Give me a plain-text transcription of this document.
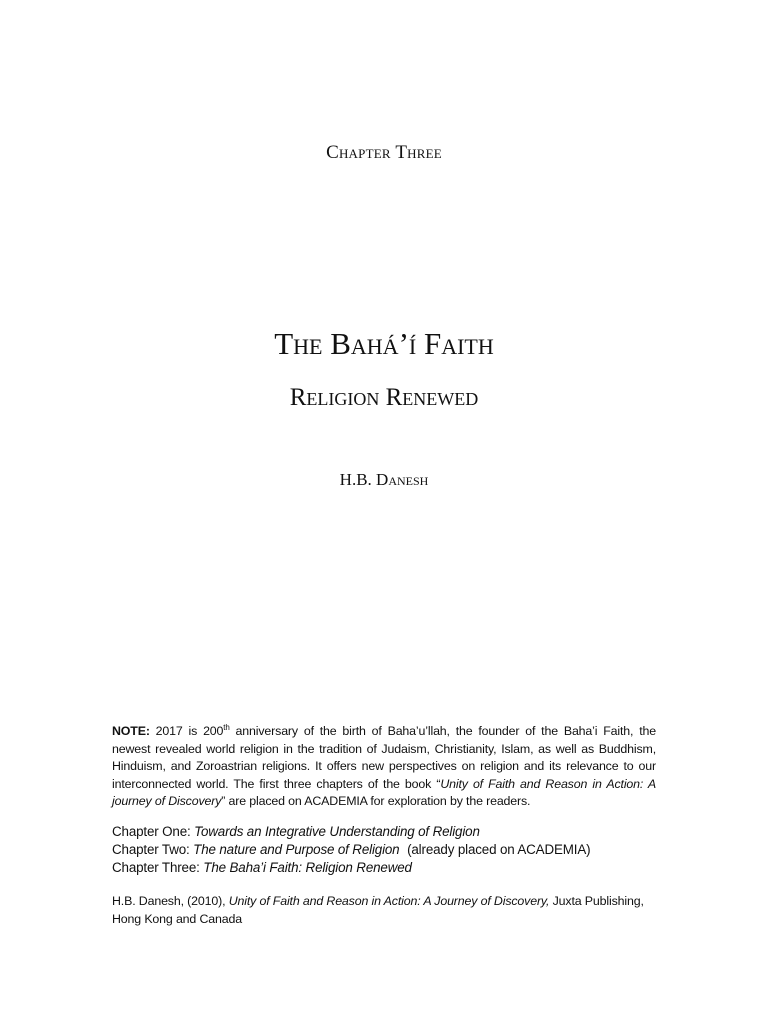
Chapter Three
The Bahá’í Faith
Religion Renewed
H.B. Danesh
NOTE: 2017 is 200th anniversary of the birth of Baha’u’llah, the founder of the Baha’i Faith, the newest revealed world religion in the tradition of Judaism, Christianity, Islam, as well as Buddhism, Hinduism, and Zoroastrian religions. It offers new perspectives on religion and its relevance to our interconnected world. The first three chapters of the book “Unity of Faith and Reason in Action: A journey of Discovery” are placed on ACADEMIA for exploration by the readers.
Chapter One: Towards an Integrative Understanding of Religion
Chapter Two: The nature and Purpose of Religion (already placed on ACADEMIA)
Chapter Three: The Baha’i Faith: Religion Renewed
H.B. Danesh, (2010), Unity of Faith and Reason in Action: A Journey of Discovery, Juxta Publishing, Hong Kong and Canada
